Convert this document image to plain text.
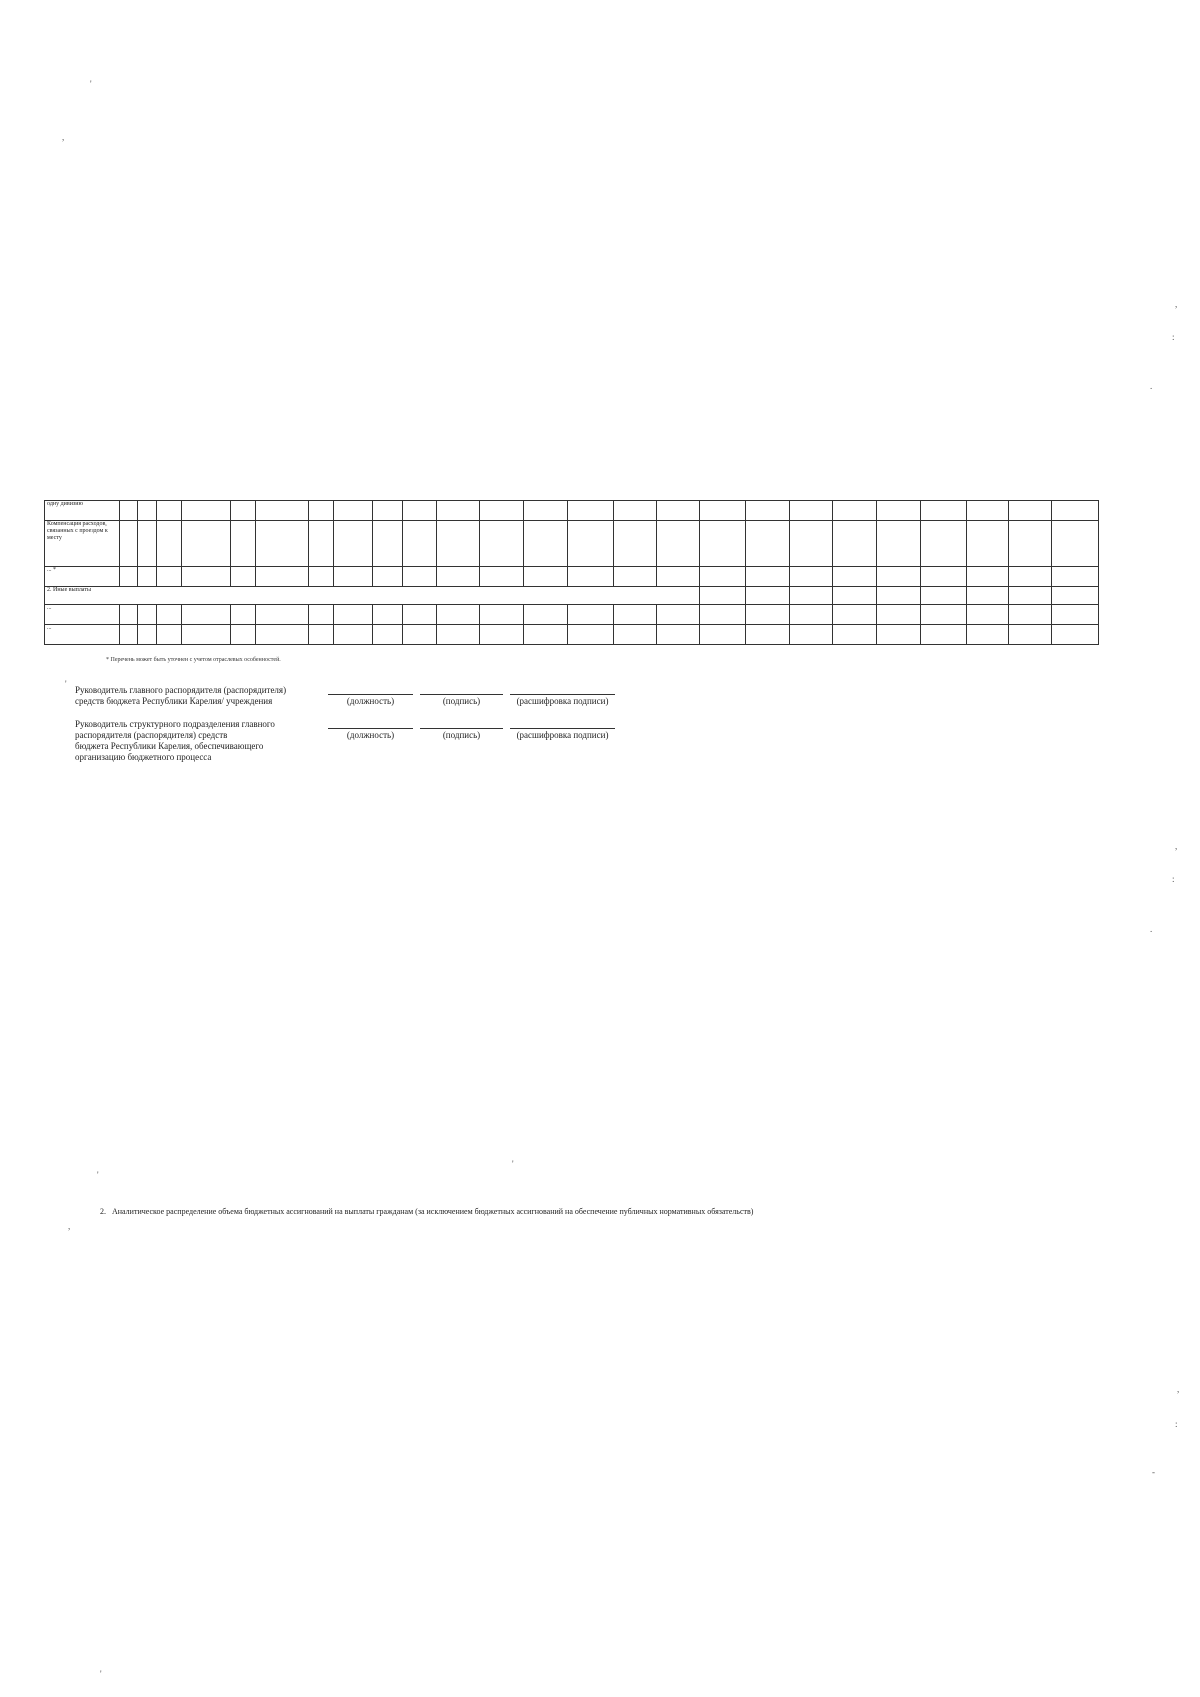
'
,
,
:
.
,
:
.
'
'
,
,
:
-
'
одну дивизию																									
Компенсация расходов, связанных с проездом к месту																									
... *																									
2. Иные выплаты																									
...																									
...																									
* Перечень может быть уточнен с учетом отраслевых особенностей.
'
Руководитель главного распорядителя (распорядителя)
средств бюджета Республики Карелия/ учреждения	(должность)	(подпись)	(расшифровка подписи)
Руководитель структурного подразделения главного
распорядителя (распорядителя) средств
бюджета Республики Карелия, обеспечивающего
организацию бюджетного процесса
(должность)	(подпись)	(расшифровка подписи)
2. Аналитическое распределение объема бюджетных ассигнований на выплаты гражданам (за исключением бюджетных ассигнований на обеспечение публичных нормативных обязательств)
